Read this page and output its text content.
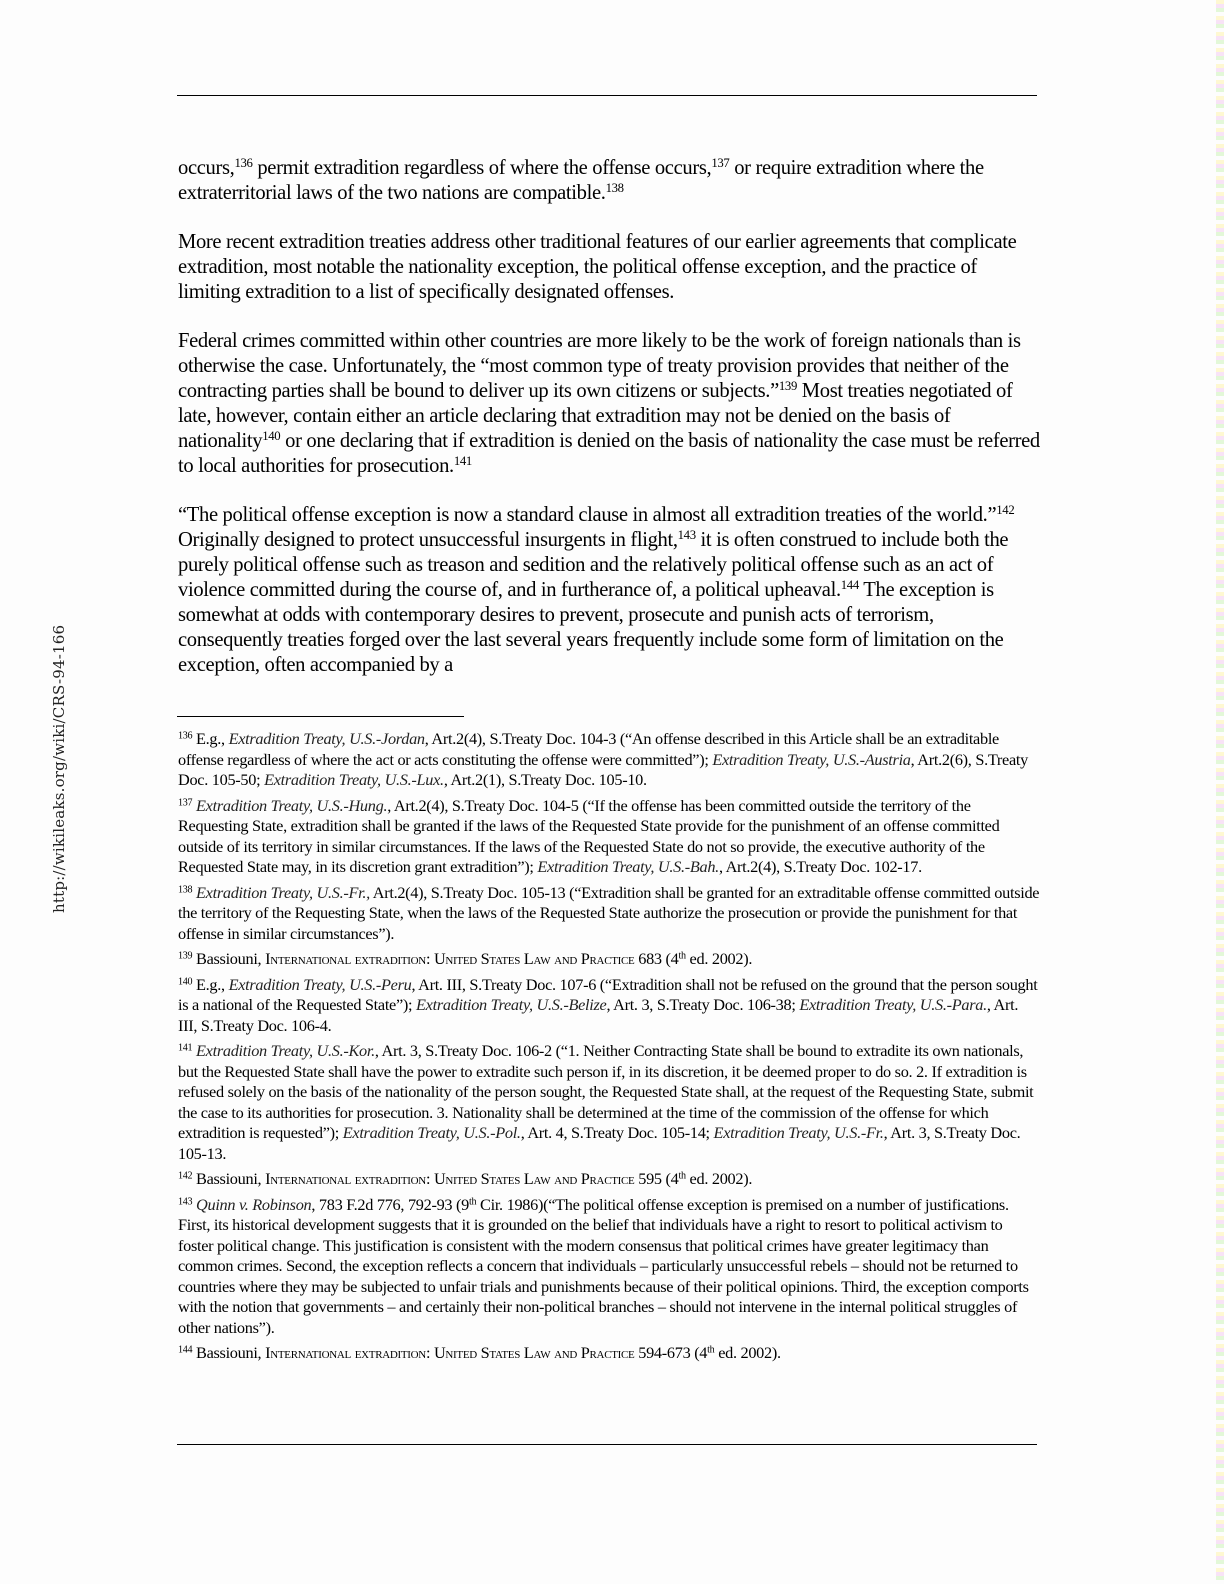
http://wikileaks.org/wiki/CRS-94-166

occurs,$^{136}$ permit extradition regardless of where the offense occurs,$^{137}$ or require extradition where the extraterritorial laws of the two nations are compatible.$^{138}$

More recent extradition treaties address other traditional features of our earlier agreements that complicate extradition, most notable the nationality exception, the political offense exception, and the practice of limiting extradition to a list of specifically designated offenses.

Federal crimes committed within other countries are more likely to be the work of foreign nationals than is otherwise the case. Unfortunately, the “most common type of treaty provision provides that neither of the contracting parties shall be bound to deliver up its own citizens or subjects.”$^{139}$ Most treaties negotiated of late, however, contain either an article declaring that extradition may not be denied on the basis of nationality$^{140}$ or one declaring that if extradition is denied on the basis of nationality the case must be referred to local authorities for prosecution.$^{141}$

“The political offense exception is now a standard clause in almost all extradition treaties of the world.”$^{142}$ Originally designed to protect unsuccessful insurgents in flight,$^{143}$ it is often construed to include both the purely political offense such as treason and sedition and the relatively political offense such as an act of violence committed during the course of, and in furtherance of, a political upheaval.$^{144}$ The exception is somewhat at odds with contemporary desires to prevent, prosecute and punish acts of terrorism, consequently treaties forged over the last several years frequently include some form of limitation on the exception, often accompanied by a

$^{136}$ E.g., Extradition Treaty, U.S.-Jordan, Art.2(4), S.Treaty Doc. 104-3 (“An offense described in this Article shall be an extraditable offense regardless of where the act or acts constituting the offense were committed”); Extradition Treaty, U.S.-Austria, Art.2(6), S.Treaty Doc. 105-50; Extradition Treaty, U.S.-Lux., Art.2(1), S.Treaty Doc. 105-10.
$^{137}$ Extradition Treaty, U.S.-Hung., Art.2(4), S.Treaty Doc. 104-5 (“If the offense has been committed outside the territory of the Requesting State, extradition shall be granted if the laws of the Requested State provide for the punishment of an offense committed outside of its territory in similar circumstances. If the laws of the Requested State do not so provide, the executive authority of the Requested State may, in its discretion grant extradition”); Extradition Treaty, U.S.-Bah., Art.2(4), S.Treaty Doc. 102-17.
$^{138}$ Extradition Treaty, U.S.-Fr., Art.2(4), S.Treaty Doc. 105-13 (“Extradition shall be granted for an extraditable offense committed outside the territory of the Requesting State, when the laws of the Requested State authorize the prosecution or provide the punishment for that offense in similar circumstances”).
$^{139}$ Bassiouni, International extradition: United States Law and Practice 683 (4th ed. 2002).
$^{140}$ E.g., Extradition Treaty, U.S.-Peru, Art. III, S.Treaty Doc. 107-6 (“Extradition shall not be refused on the ground that the person sought is a national of the Requested State”); Extradition Treaty, U.S.-Belize, Art. 3, S.Treaty Doc. 106-38; Extradition Treaty, U.S.-Para., Art. III, S.Treaty Doc. 106-4.
$^{141}$ Extradition Treaty, U.S.-Kor., Art. 3, S.Treaty Doc. 106-2 (“1. Neither Contracting State shall be bound to extradite its own nationals, but the Requested State shall have the power to extradite such person if, in its discretion, it be deemed proper to do so. 2. If extradition is refused solely on the basis of the nationality of the person sought, the Requested State shall, at the request of the Requesting State, submit the case to its authorities for prosecution. 3. Nationality shall be determined at the time of the commission of the offense for which extradition is requested”); Extradition Treaty, U.S.-Pol., Art. 4, S.Treaty Doc. 105-14; Extradition Treaty, U.S.-Fr., Art. 3, S.Treaty Doc. 105-13.
$^{142}$ Bassiouni, International extradition: United States Law and Practice 595 (4th ed. 2002).
$^{143}$ Quinn v. Robinson, 783 F.2d 776, 792-93 (9th Cir. 1986)(“The political offense exception is premised on a number of justifications. First, its historical development suggests that it is grounded on the belief that individuals have a right to resort to political activism to foster political change. This justification is consistent with the modern consensus that political crimes have greater legitimacy than common crimes. Second, the exception reflects a concern that individuals – particularly unsuccessful rebels – should not be returned to countries where they may be subjected to unfair trials and punishments because of their political opinions. Third, the exception comports with the notion that governments – and certainly their non-political branches – should not intervene in the internal political struggles of other nations”).
$^{144}$ Bassiouni, International extradition: United States Law and Practice 594-673 (4th ed. 2002).
